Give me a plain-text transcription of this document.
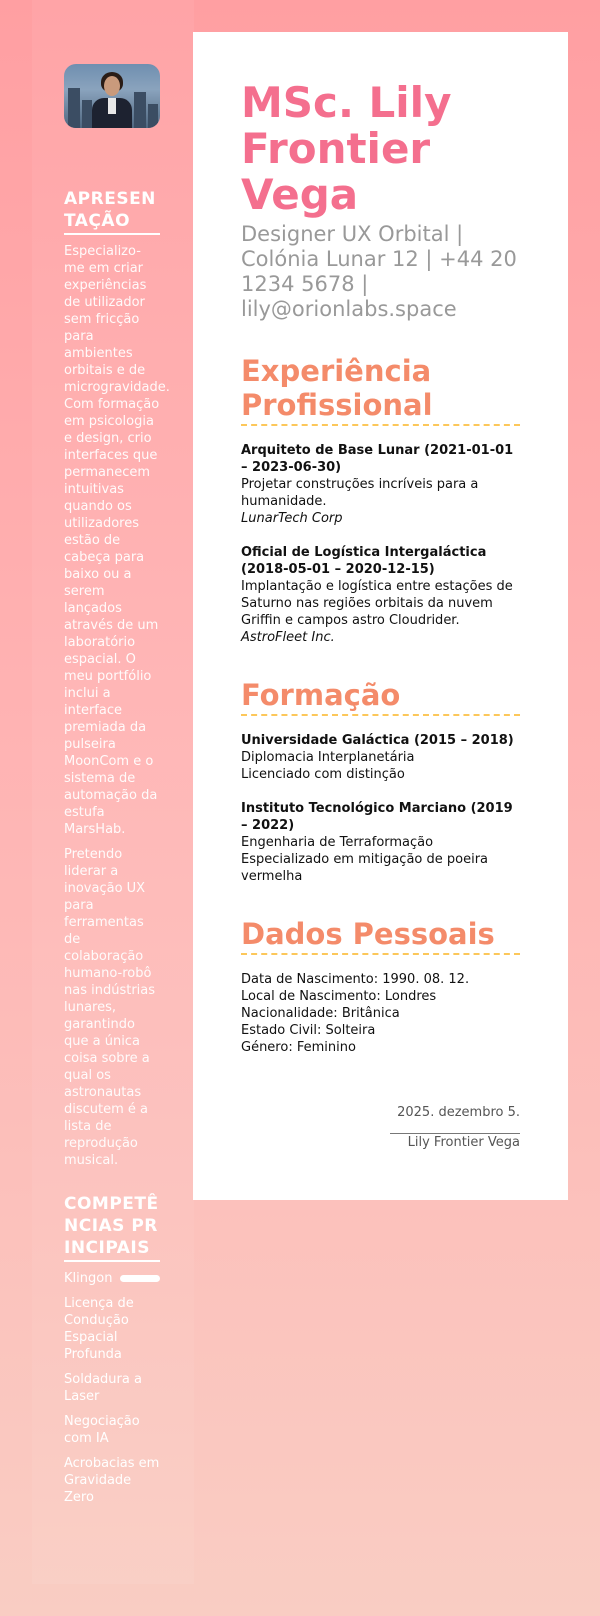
APRESENTAÇÃO

Especializo-me em criar experiências de utilizador sem fricção para ambientes orbitais e de microgravidade. Com formação em psicologia e design, crio interfaces que permanecem intuitivas quando os utilizadores estão de cabeça para baixo ou a serem lançados através de um laboratório espacial. O meu portfólio inclui a interface premiada da pulseira MoonCom e o sistema de automação da estufa MarsHab.

Pretendo liderar a inovação UX para ferramentas de colaboração humano-robô nas indústrias lunares, garantindo que a única coisa sobre a qual os astronautas discutem é a lista de reprodução musical.

COMPETÊNCIAS PRINCIPAIS
Klingon
Licença de Condução Espacial Profunda
Soldadura a Laser
Negociação com IA
Acrobacias em Gravidade Zero
MSc. Lily Frontier Vega

Designer UX Orbital | Colónia Lunar 12 | +44 20 1234 5678 | lily@orionlabs.space

Experiência Profissional
Arquiteto de Base Lunar (2021-01-01 – 2023-06-30)
Projetar construções incríveis para a humanidade.
LunarTech Corp
Oficial de Logística Intergaláctica (2018-05-01 – 2020-12-15)
Implantação e logística entre estações de Saturno nas regiões orbitais da nuvem Griffin e campos astro Cloudrider.
AstroFleet Inc.
Formação
Universidade Galáctica (2015 – 2018)
Diplomacia Interplanetária
Licenciado com distinção
Instituto Tecnológico Marciano (2019 – 2022)
Engenharia de Terraformação
Especializado em mitigação de poeira vermelha
Dados Pessoais
Data de Nascimento: 1990. 08. 12.
Local de Nascimento: Londres
Nacionalidade: Britânica
Estado Civil: Solteira
Género: Feminino
2025. dezembro 5.
Lily Frontier Vega
